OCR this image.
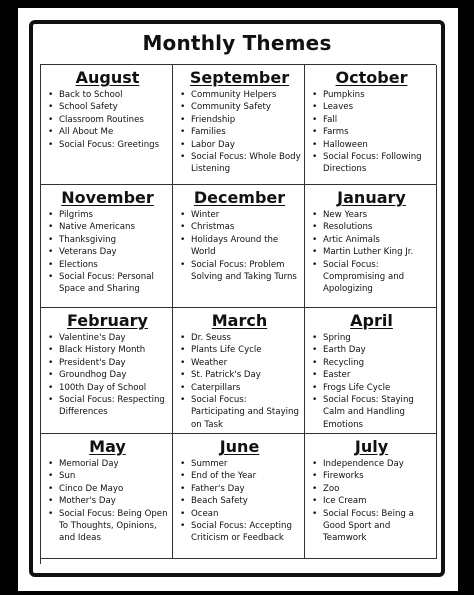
Monthly Themes
August
• Back to School
• School Safety
• Classroom Routines
• All About Me
• Social Focus: Greetings
September
• Community Helpers
• Community Safety
• Friendship
• Families
• Labor Day
• Social Focus: Whole Body Listening
October
• Pumpkins
• Leaves
• Fall
• Farms
• Halloween
• Social Focus: Following Directions
November
• Pilgrims
• Native Americans
• Thanksgiving
• Veterans Day
• Elections
• Social Focus: Personal Space and Sharing
December
• Winter
• Christmas
• Holidays Around the World
• Social Focus: Problem Solving and Taking Turns
January
• New Years
• Resolutions
• Artic Animals
• Martin Luther King Jr.
• Social Focus: Compromising and Apologizing
February
• Valentine's Day
• Black History Month
• President's Day
• Groundhog Day
• 100th Day of School
• Social Focus: Respecting Differences
March
• Dr. Seuss
• Plants Life Cycle
• Weather
• St. Patrick's Day
• Caterpillars
• Social Focus: Participating and Staying on Task
April
• Spring
• Earth Day
• Recycling
• Easter
• Frogs Life Cycle
• Social Focus: Staying Calm and Handling Emotions
May
• Memorial Day
• Sun
• Cinco De Mayo
• Mother's Day
• Social Focus: Being Open To Thoughts, Opinions, and Ideas
June
• Summer
• End of the Year
• Father's Day
• Beach Safety
• Ocean
• Social Focus: Accepting Criticism or Feedback
July
• Independence Day
• Fireworks
• Zoo
• Ice Cream
• Social Focus: Being a Good Sport and Teamwork
